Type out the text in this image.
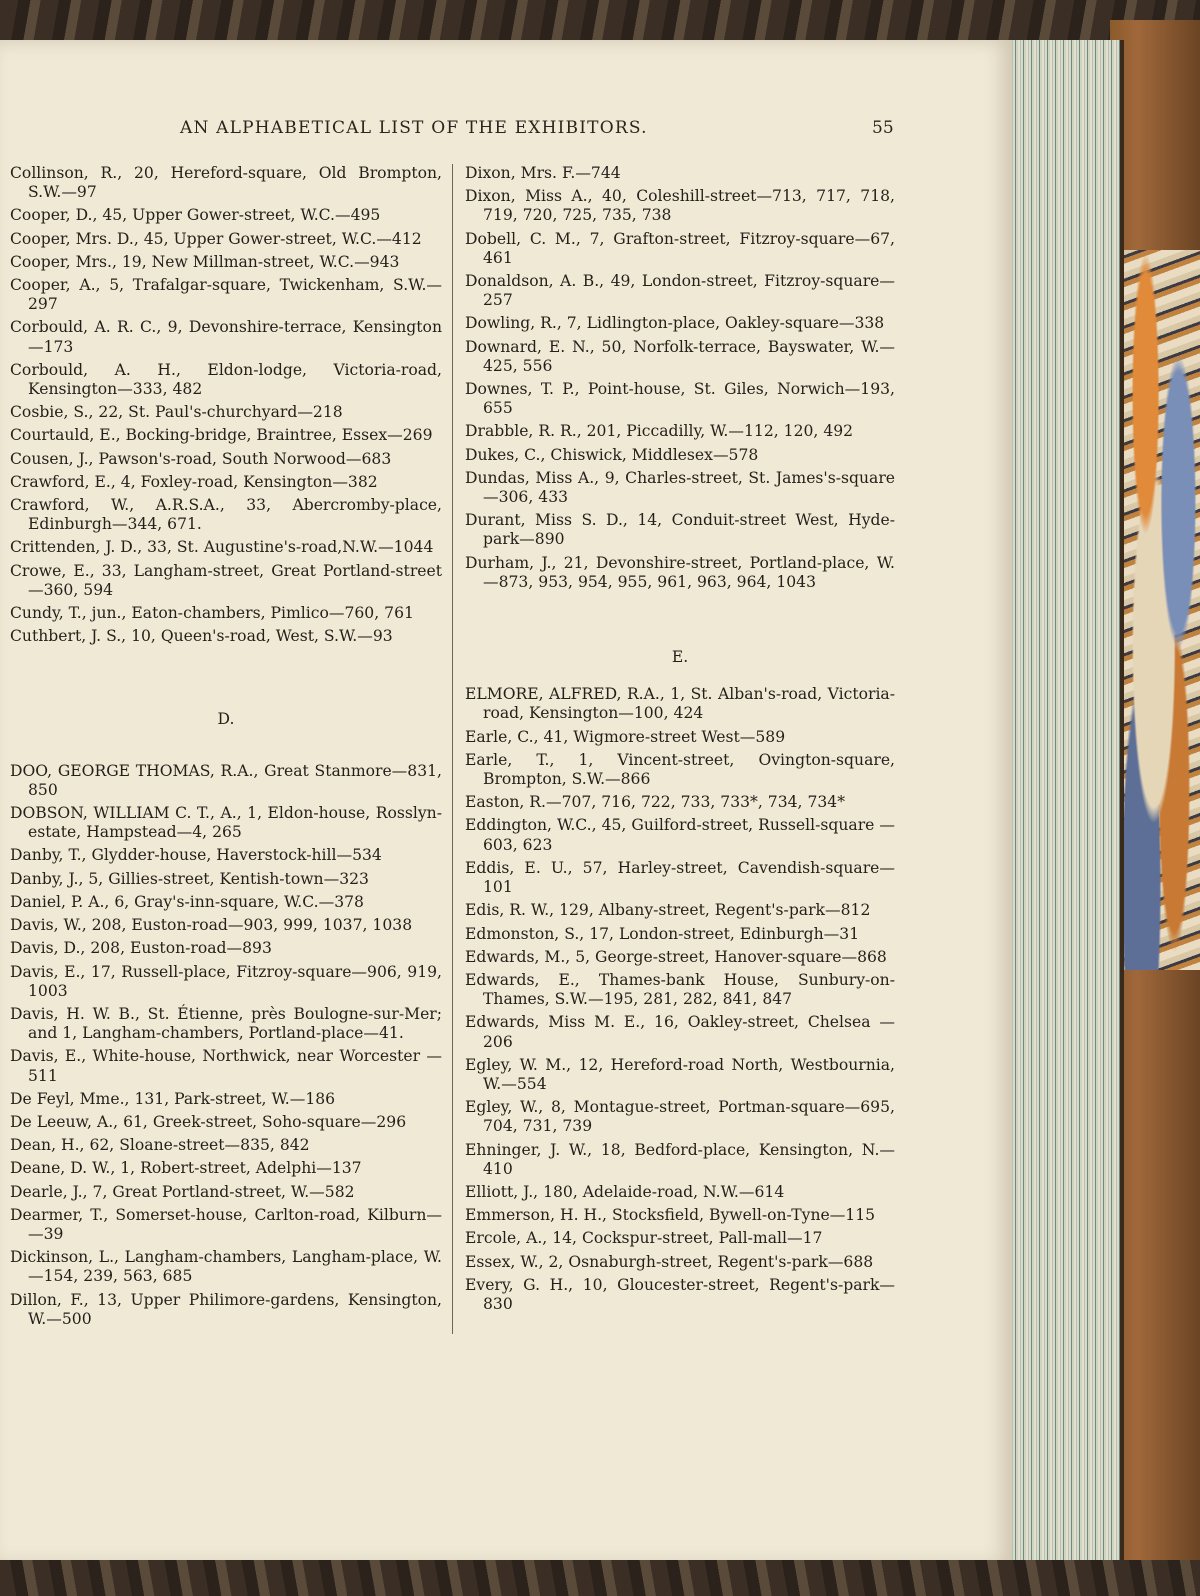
AN ALPHABETICAL LIST OF THE EXHIBITORS.	55
Collinson, R., 20, Hereford-square, Old Brompton, S.W.—97
Cooper, D., 45, Upper Gower-street, W.C.—495
Cooper, Mrs. D., 45, Upper Gower-street, W.C.—412
Cooper, Mrs., 19, New Millman-street, W.C.—943
Cooper, A., 5, Trafalgar-square, Twickenham, S.W.—297
Corbould, A. R. C., 9, Devonshire-terrace, Kensington —173
Corbould, A. H., Eldon-lodge, Victoria-road, Kensington—333, 482
Cosbie, S., 22, St. Paul's-churchyard—218
Courtauld, E., Bocking-bridge, Braintree, Essex—269
Cousen, J., Pawson's-road, South Norwood—683
Crawford, E., 4, Foxley-road, Kensington—382
Crawford, W., A.R.S.A., 33, Abercromby-place, Edinburgh—344, 671.
Crittenden, J. D., 33, St. Augustine's-road,N.W.—1044
Crowe, E., 33, Langham-street, Great Portland-street —360, 594
Cundy, T., jun., Eaton-chambers, Pimlico—760, 761
Cuthbert, J. S., 10, Queen's-road, West, S.W.—93
D.
DOO, GEORGE THOMAS, R.A., Great Stanmore—831, 850
DOBSON, WILLIAM C. T., A., 1, Eldon-house, Rosslyn-estate, Hampstead—4, 265
Danby, T., Glydder-house, Haverstock-hill—534
Danby, J., 5, Gillies-street, Kentish-town—323
Daniel, P. A., 6, Gray's-inn-square, W.C.—378
Davis, W., 208, Euston-road—903, 999, 1037, 1038
Davis, D., 208, Euston-road—893
Davis, E., 17, Russell-place, Fitzroy-square—906, 919, 1003
Davis, H. W. B., St. Étienne, près Boulogne-sur-Mer; and 1, Langham-chambers, Portland-place—41.
Davis, E., White-house, Northwick, near Worcester —511
De Feyl, Mme., 131, Park-street, W.—186
De Leeuw, A., 61, Greek-street, Soho-square—296
Dean, H., 62, Sloane-street—835, 842
Deane, D. W., 1, Robert-street, Adelphi—137
Dearle, J., 7, Great Portland-street, W.—582
Dearmer, T., Somerset-house, Carlton-road, Kilburn— —39
Dickinson, L., Langham-chambers, Langham-place, W.—154, 239, 563, 685
Dillon, F., 13, Upper Philimore-gardens, Kensington, W.—500
Dixon, Mrs. F.—744
Dixon, Miss A., 40, Coleshill-street—713, 717, 718, 719, 720, 725, 735, 738
Dobell, C. M., 7, Grafton-street, Fitzroy-square—67, 461
Donaldson, A. B., 49, London-street, Fitzroy-square—257
Dowling, R., 7, Lidlington-place, Oakley-square—338
Downard, E. N., 50, Norfolk-terrace, Bayswater, W.—425, 556
Downes, T. P., Point-house, St. Giles, Norwich—193, 655
Drabble, R. R., 201, Piccadilly, W.—112, 120, 492
Dukes, C., Chiswick, Middlesex—578
Dundas, Miss A., 9, Charles-street, St. James's-square —306, 433
Durant, Miss S. D., 14, Conduit-street West, Hyde-park—890
Durham, J., 21, Devonshire-street, Portland-place, W. —873, 953, 954, 955, 961, 963, 964, 1043
E.
ELMORE, ALFRED, R.A., 1, St. Alban's-road, Victoria-road, Kensington—100, 424
Earle, C., 41, Wigmore-street West—589
Earle, T., 1, Vincent-street, Ovington-square, Brompton, S.W.—866
Easton, R.—707, 716, 722, 733, 733*, 734, 734*
Eddington, W.C., 45, Guilford-street, Russell-square —603, 623
Eddis, E. U., 57, Harley-street, Cavendish-square—101
Edis, R. W., 129, Albany-street, Regent's-park—812
Edmonston, S., 17, London-street, Edinburgh—31
Edwards, M., 5, George-street, Hanover-square—868
Edwards, E., Thames-bank House, Sunbury-on-Thames, S.W.—195, 281, 282, 841, 847
Edwards, Miss M. E., 16, Oakley-street, Chelsea —206
Egley, W. M., 12, Hereford-road North, Westbournia, W.—554
Egley, W., 8, Montague-street, Portman-square—695, 704, 731, 739
Ehninger, J. W., 18, Bedford-place, Kensington, N.—410
Elliott, J., 180, Adelaide-road, N.W.—614
Emmerson, H. H., Stocksfield, Bywell-on-Tyne—115
Ercole, A., 14, Cockspur-street, Pall-mall—17
Essex, W., 2, Osnaburgh-street, Regent's-park—688
Every, G. H., 10, Gloucester-street, Regent's-park—830
